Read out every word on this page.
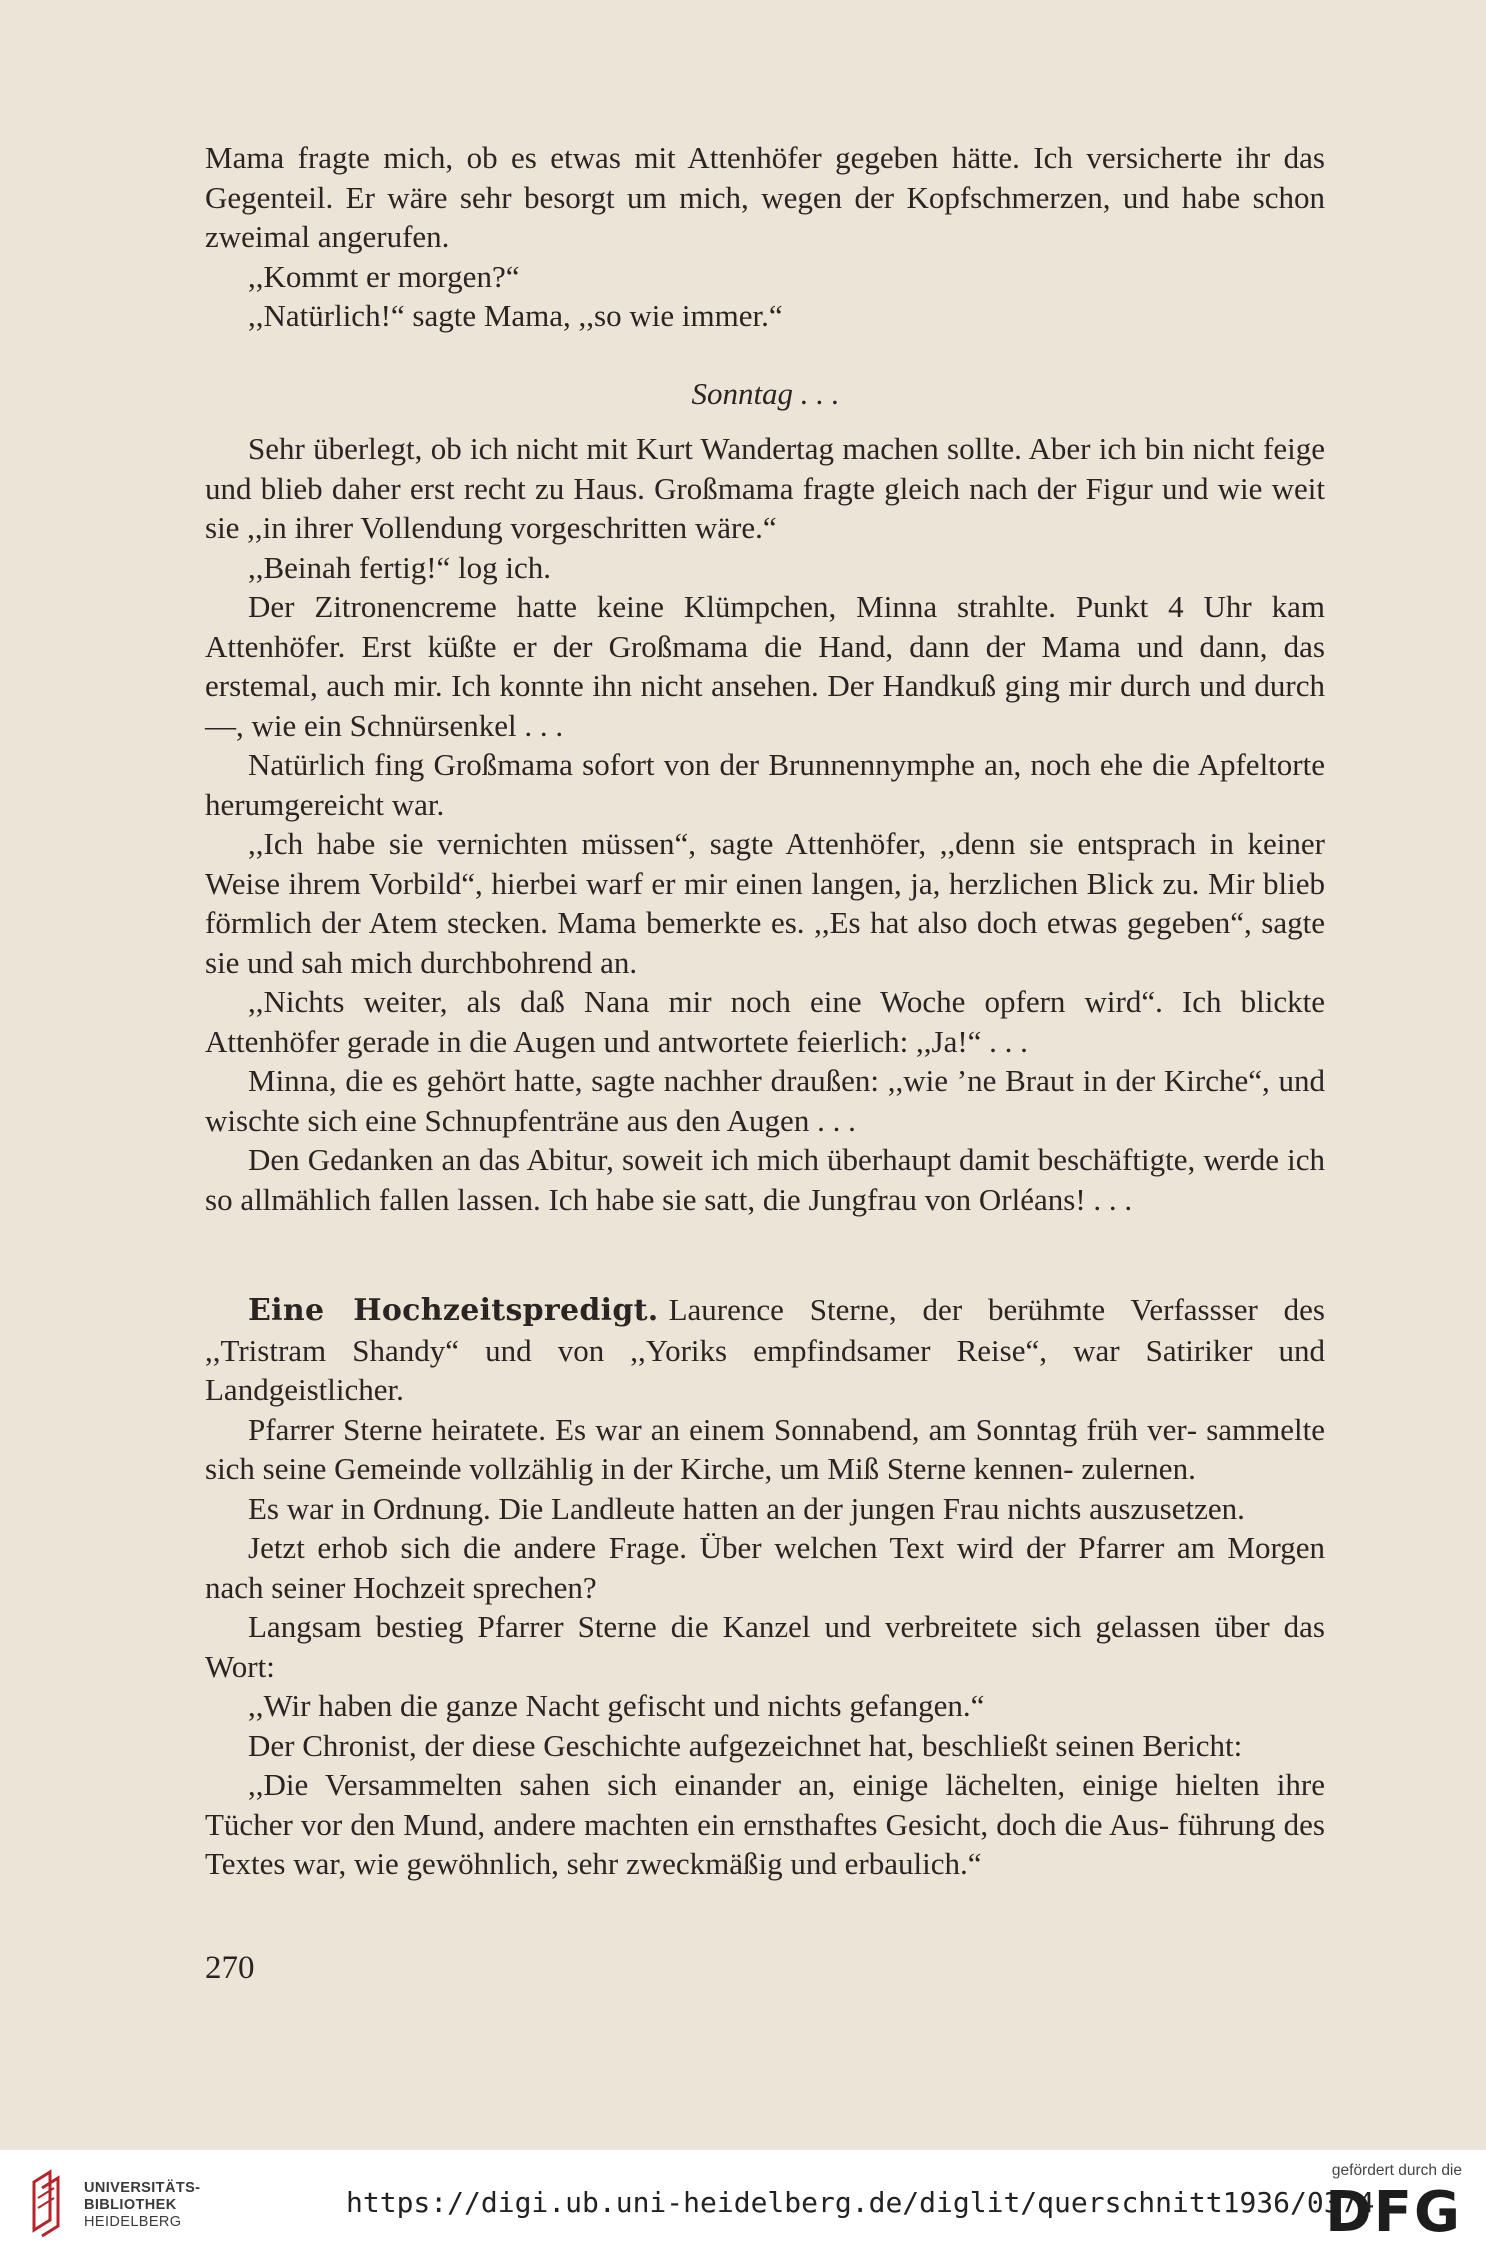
Mama fragte mich, ob es etwas mit Attenhöfer gegeben hätte. Ich versicherte ihr das Gegenteil. Er wäre sehr besorgt um mich, wegen der Kopfschmerzen, und habe schon zweimal angerufen.

,,Kommt er morgen?“

,,Natürlich!“ sagte Mama, ,,so wie immer.“

Sonntag . . .

Sehr überlegt, ob ich nicht mit Kurt Wandertag machen sollte. Aber ich bin nicht feige und blieb daher erst recht zu Haus. Großmama fragte gleich nach der Figur und wie weit sie ,,in ihrer Vollendung vorgeschritten wäre.“

,,Beinah fertig!“ log ich.

Der Zitronencreme hatte keine Klümpchen, Minna strahlte. Punkt 4 Uhr kam Attenhöfer. Erst küßte er der Großmama die Hand, dann der Mama und dann, das erstemal, auch mir. Ich konnte ihn nicht ansehen. Der Handkuß ging mir durch und durch —, wie ein Schnürsenkel . . .

Natürlich fing Großmama sofort von der Brunnennymphe an, noch ehe die Apfeltorte herumgereicht war.

,,Ich habe sie vernichten müssen“, sagte Attenhöfer, ,,denn sie entsprach in keiner Weise ihrem Vorbild“, hierbei warf er mir einen langen, ja, herzlichen Blick zu. Mir blieb förmlich der Atem stecken. Mama bemerkte es. ,,Es hat also doch etwas gegeben“, sagte sie und sah mich durchbohrend an.

,,Nichts weiter, als daß Nana mir noch eine Woche opfern wird“. Ich blickte Attenhöfer gerade in die Augen und antwortete feierlich: ,,Ja!“ . . .

Minna, die es gehört hatte, sagte nachher draußen: ,,wie ’ne Braut in der Kirche“, und wischte sich eine Schnupfenträne aus den Augen . . .

Den Gedanken an das Abitur, soweit ich mich überhaupt damit beschäftigte, werde ich so allmählich fallen lassen. Ich habe sie satt, die Jungfrau von Orléans! . . .

Eine Hochzeitspredigt. Laurence Sterne, der berühmte Verfassser des ,,Tristram Shandy“ und von ,,Yoriks empfindsamer Reise“, war Satiriker und Landgeistlicher.

Pfarrer Sterne heiratete. Es war an einem Sonnabend, am Sonntag früh ver‑ sammelte sich seine Gemeinde vollzählig in der Kirche, um Miß Sterne kennen‑ zulernen.

Es war in Ordnung. Die Landleute hatten an der jungen Frau nichts auszusetzen.

Jetzt erhob sich die andere Frage. Über welchen Text wird der Pfarrer am Morgen nach seiner Hochzeit sprechen?

Langsam bestieg Pfarrer Sterne die Kanzel und verbreitete sich gelassen über das Wort:

,,Wir haben die ganze Nacht gefischt und nichts gefangen.“

Der Chronist, der diese Geschichte aufgezeichnet hat, beschließt seinen Bericht:

,,Die Versammelten sahen sich einander an, einige lächelten, einige hielten ihre Tücher vor den Mund, andere machten ein ernsthaftes Gesicht, doch die Aus‑ führung des Textes war, wie gewöhnlich, sehr zweckmäßig und erbaulich.“

270
UNIVERSITÄTS-
BIBLIOTHEK
HEIDELBERG
https://digi.ub.uni-heidelberg.de/diglit/querschnitt1936/0374
gefördert durch die
DFG
